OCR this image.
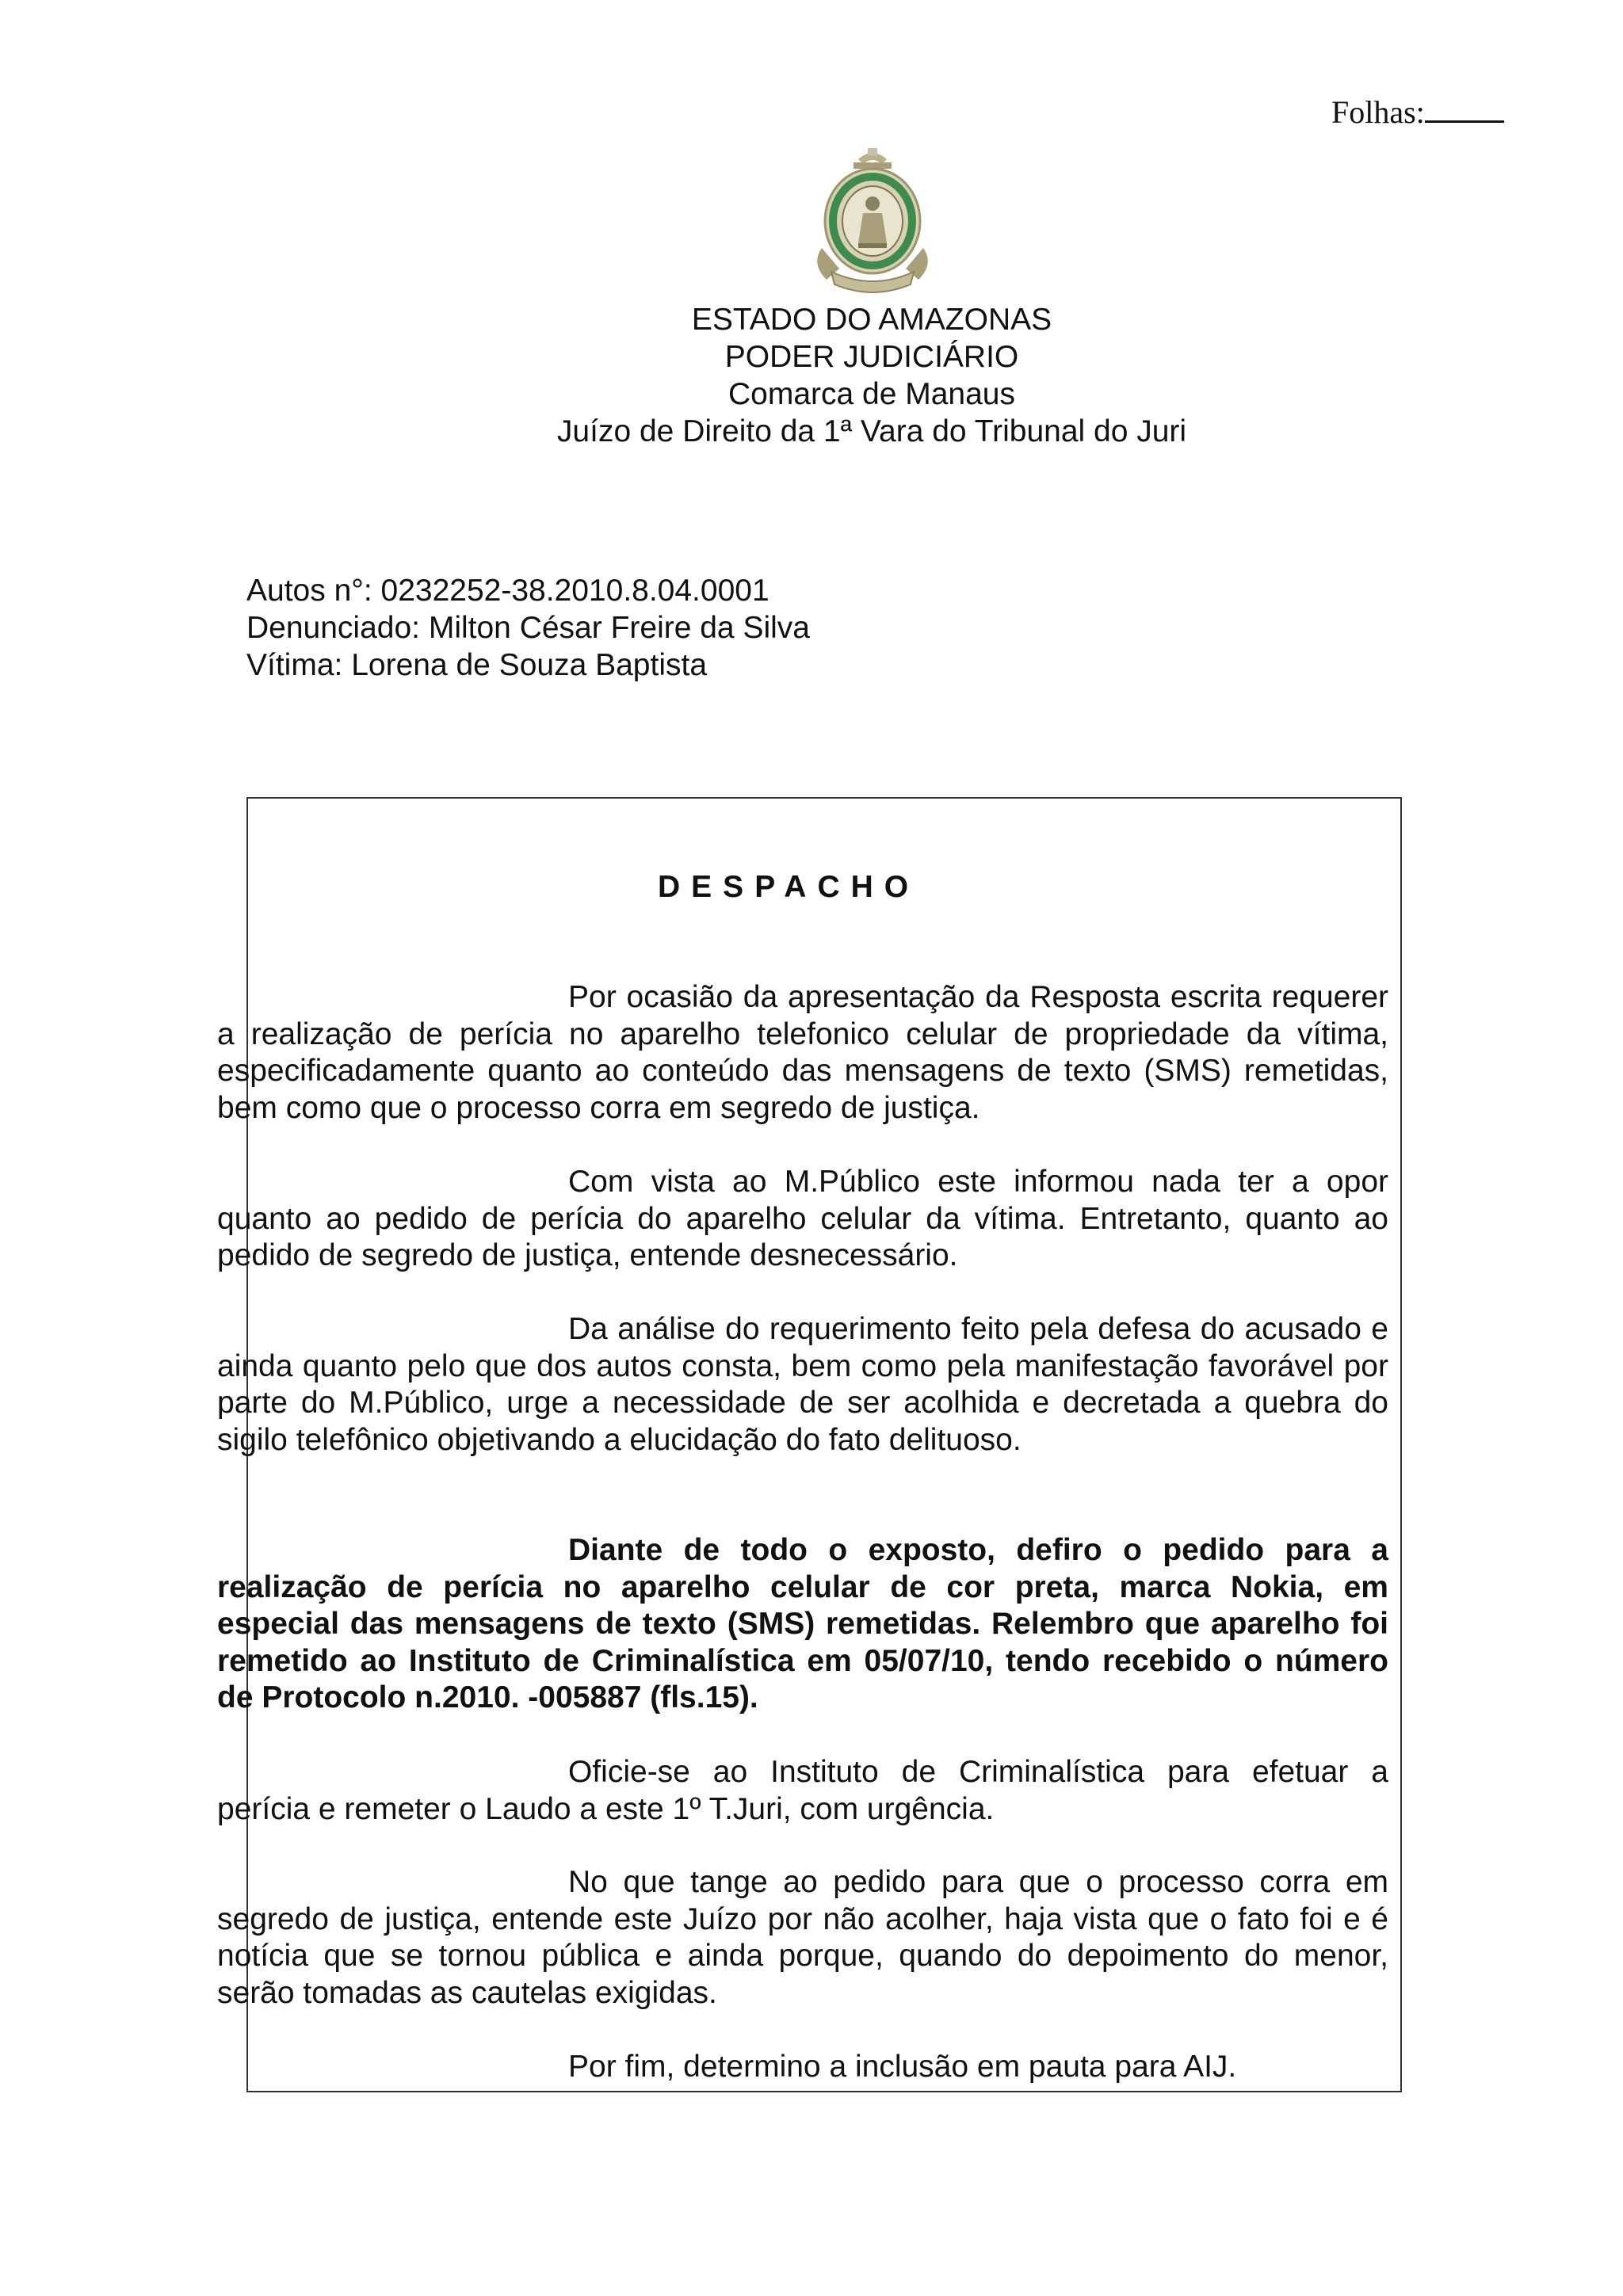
Folhas:
ESTADO DO AMAZONAS
PODER JUDICIÁRIO
Comarca de Manaus
Juízo de Direito da 1ª Vara do Tribunal do Juri
Autos n°: 0232252-38.2010.8.04.0001
Denunciado: Milton César Freire da Silva
Vítima: Lorena de Souza Baptista
DESPACHO
Por ocasião da apresentação da Resposta escrita requerer a realização de perícia no aparelho telefonico celular de propriedade da vítima, especificadamente quanto ao conteúdo das mensagens de texto (SMS) remetidas, bem como que o processo corra em segredo de justiça.
Com vista ao M.Público este informou nada ter a opor quanto ao pedido de perícia do aparelho celular da vítima. Entretanto, quanto ao pedido de segredo de justiça, entende desnecessário.
Da análise do requerimento feito pela defesa do acusado e ainda quanto pelo que dos autos consta, bem como pela manifestação favorável por parte do M.Público, urge a necessidade de ser acolhida e decretada a quebra do sigilo telefônico objetivando a elucidação do fato delituoso.
Diante de todo o exposto, defiro o pedido para a realização de perícia no aparelho celular de cor preta, marca Nokia, em especial das mensagens de texto (SMS) remetidas. Relembro que aparelho foi remetido ao Instituto de Criminalística em 05/07/10, tendo recebido o número de Protocolo n.2010. -005887 (fls.15).
Oficie-se ao Instituto de Criminalística para efetuar a perícia e remeter o Laudo a este 1º T.Juri, com urgência.
No que tange ao pedido para que o processo corra em segredo de justiça, entende este Juízo por não acolher, haja vista que o fato foi e é notícia que se tornou pública e ainda porque, quando do depoimento do menor, serão tomadas as cautelas exigidas.
Por fim, determino a inclusão em pauta para AIJ.
